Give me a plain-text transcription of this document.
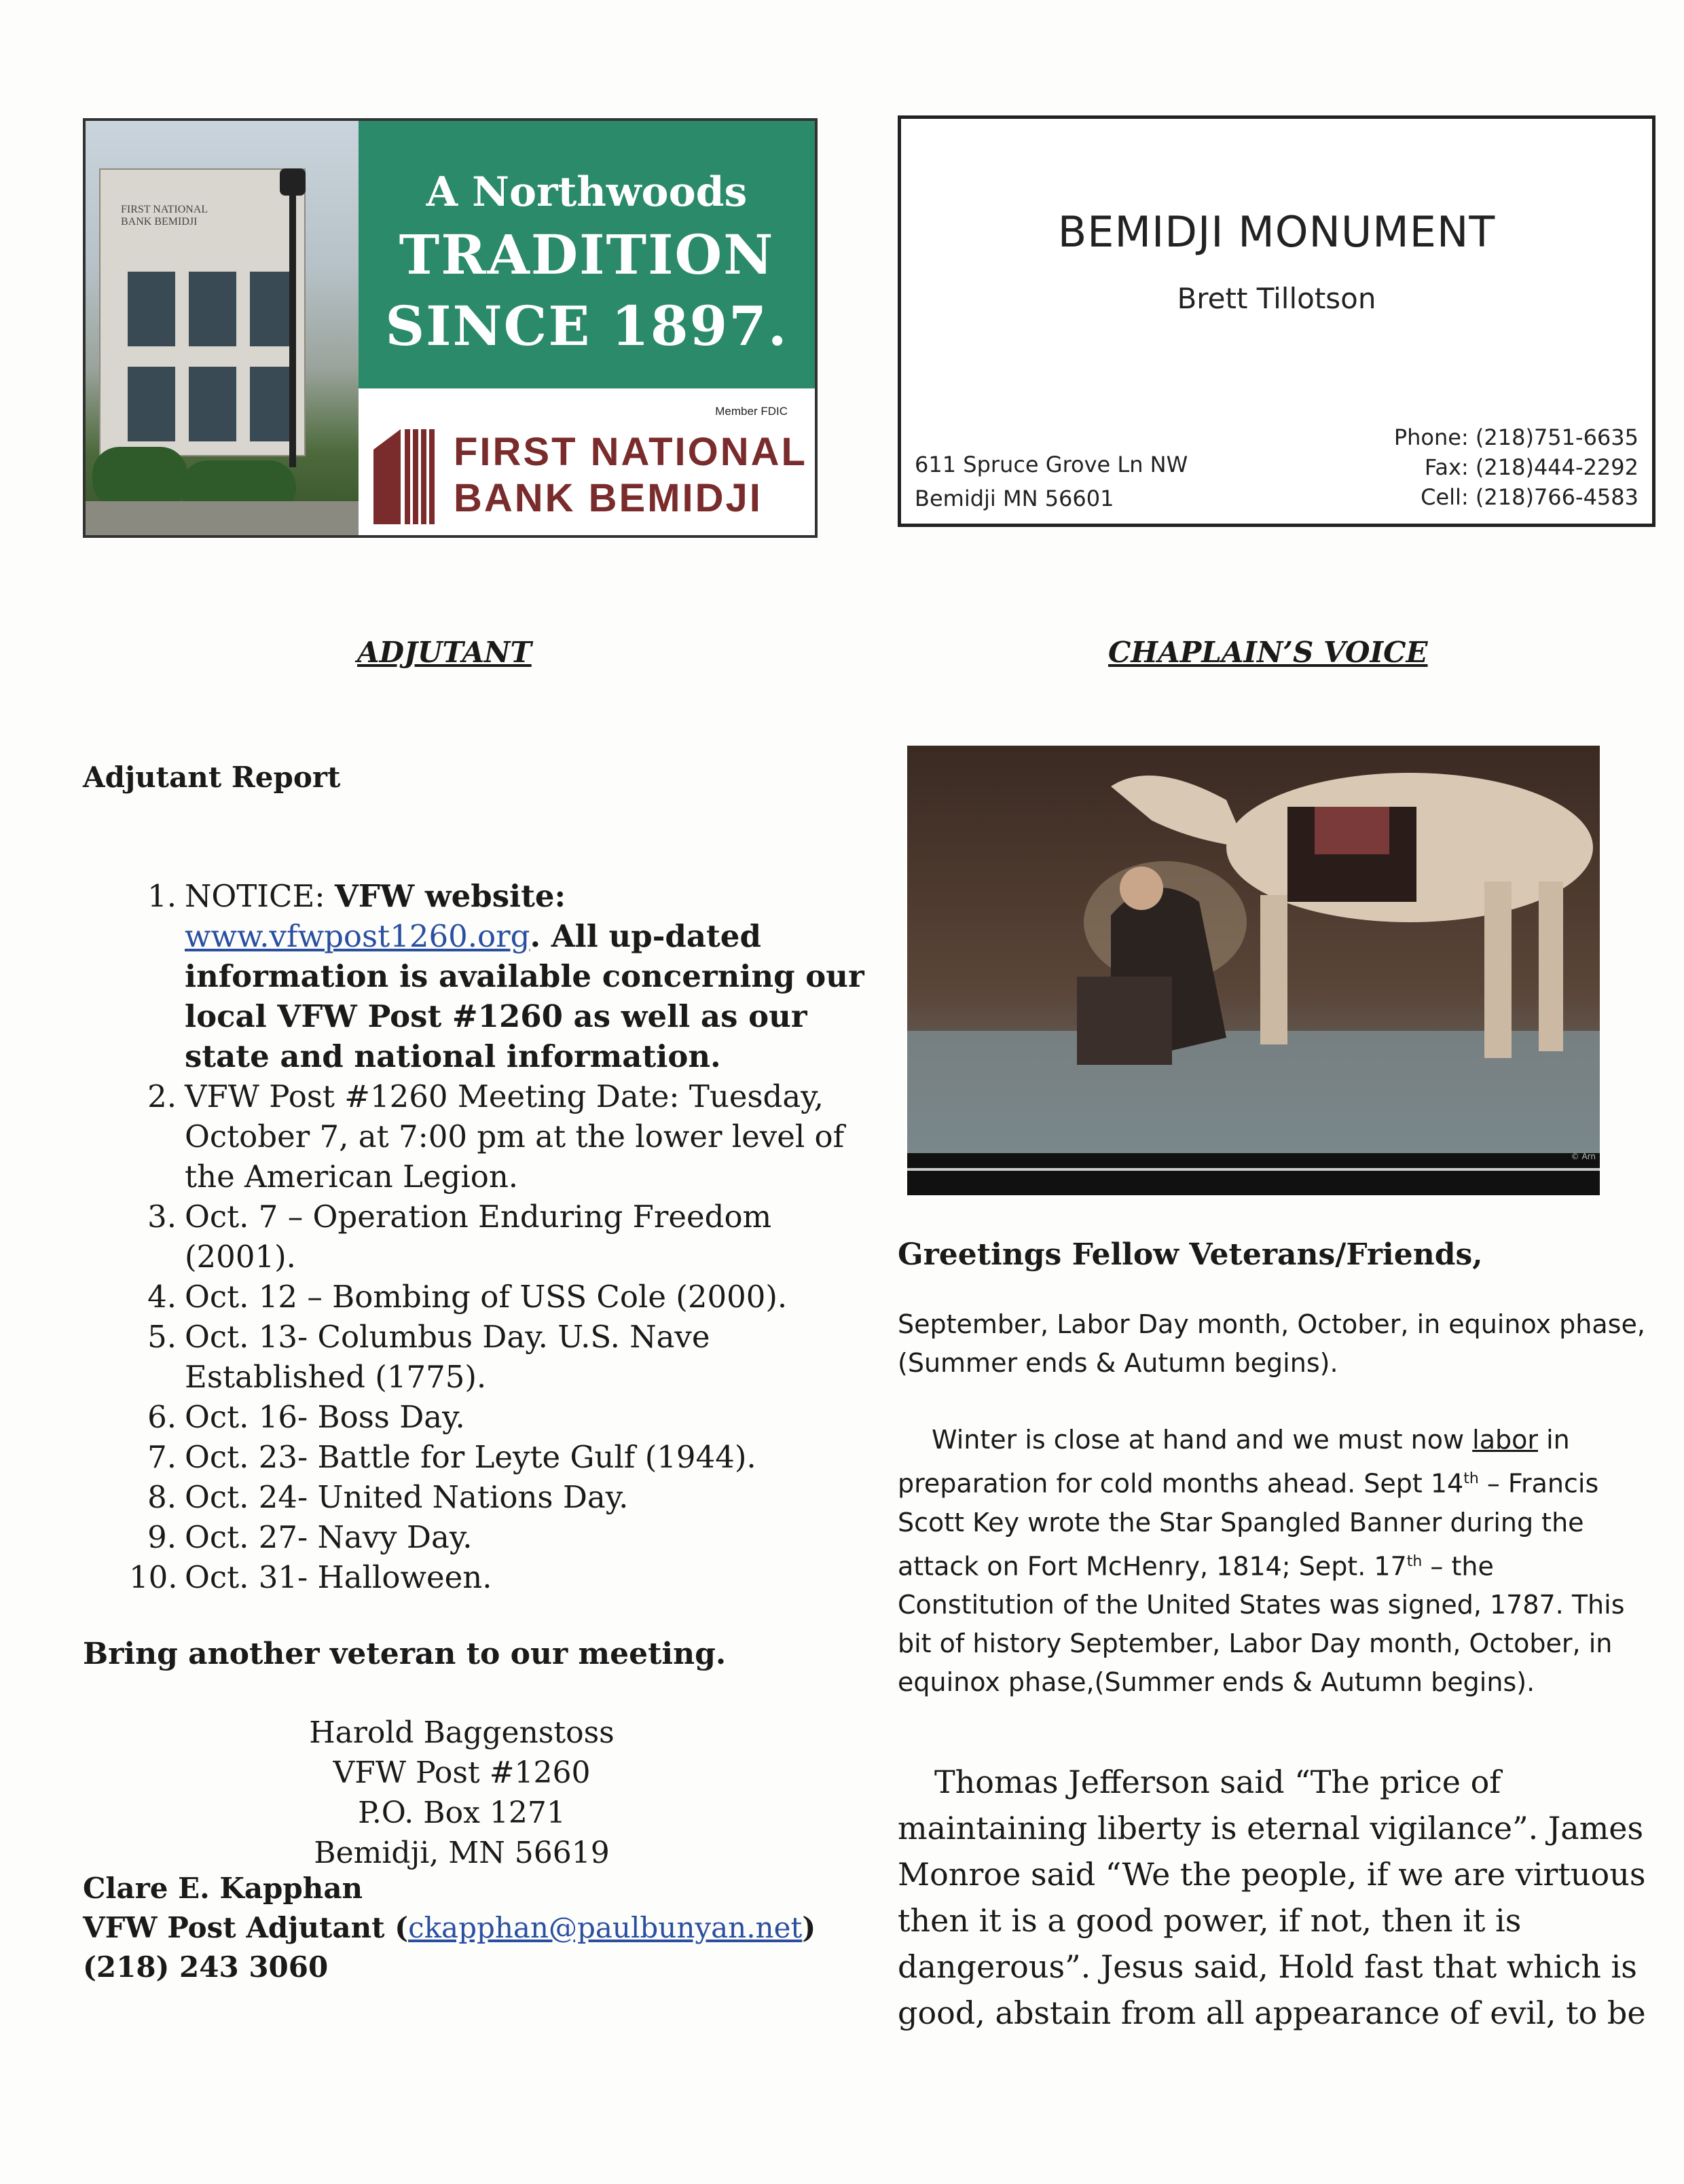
FIRST NATIONAL BANK BEMIDJI
A Northwoods
TRADITION
SINCE 1897.
Member FDIC
FIRST NATIONAL
BANK BEMIDJI
BEMIDJI MONUMENT
Brett Tillotson
611 Spruce Grove Ln NW
Bemidji MN 56601
Phone: (218)751-6635
Fax: (218)444-2292
Cell: (218)766-4583
ADJUTANT	CHAPLAIN’S VOICE
Adjutant Report
1. NOTICE: VFW website: www.vfwpost1260.org. All up-dated information is available concerning our local VFW Post #1260 as well as our state and national information.
2. VFW Post #1260 Meeting Date: Tuesday, October 7, at 7:00 pm at the lower level of the American Legion.
3. Oct. 7 – Operation Enduring Freedom (2001).
4. Oct. 12 – Bombing of USS Cole (2000).
5. Oct. 13- Columbus Day. U.S. Nave Established (1775).
6. Oct. 16- Boss Day.
7. Oct. 23- Battle for Leyte Gulf (1944).
8. Oct. 24- United Nations Day.
9. Oct. 27- Navy Day.
10. Oct. 31- Halloween.
Bring another veteran to our meeting.
Harold Baggenstoss
VFW Post #1260
P.O. Box 1271
Bemidji, MN 56619
Clare E. Kapphan
VFW Post Adjutant (ckapphan@paulbunyan.net)
(218) 243 3060
© Arn
Greetings Fellow Veterans/Friends,

September, Labor Day month, October, in equinox phase,(Summer ends & Autumn begins).

Winter is close at hand and we must now labor in preparation for cold months ahead. Sept 14th – Francis Scott Key wrote the Star Spangled Banner during the attack on Fort McHenry, 1814; Sept. 17th – the Constitution of the United States was signed, 1787. This bit of history September, Labor Day month, October, in equinox phase,(Summer ends & Autumn begins).

Thomas Jefferson said “The price of maintaining liberty is eternal vigilance”. James Monroe said “We the people, if we are virtuous then it is a good power, if not, then it is dangerous”. Jesus said, Hold fast that which is good, abstain from all appearance of evil, to be
